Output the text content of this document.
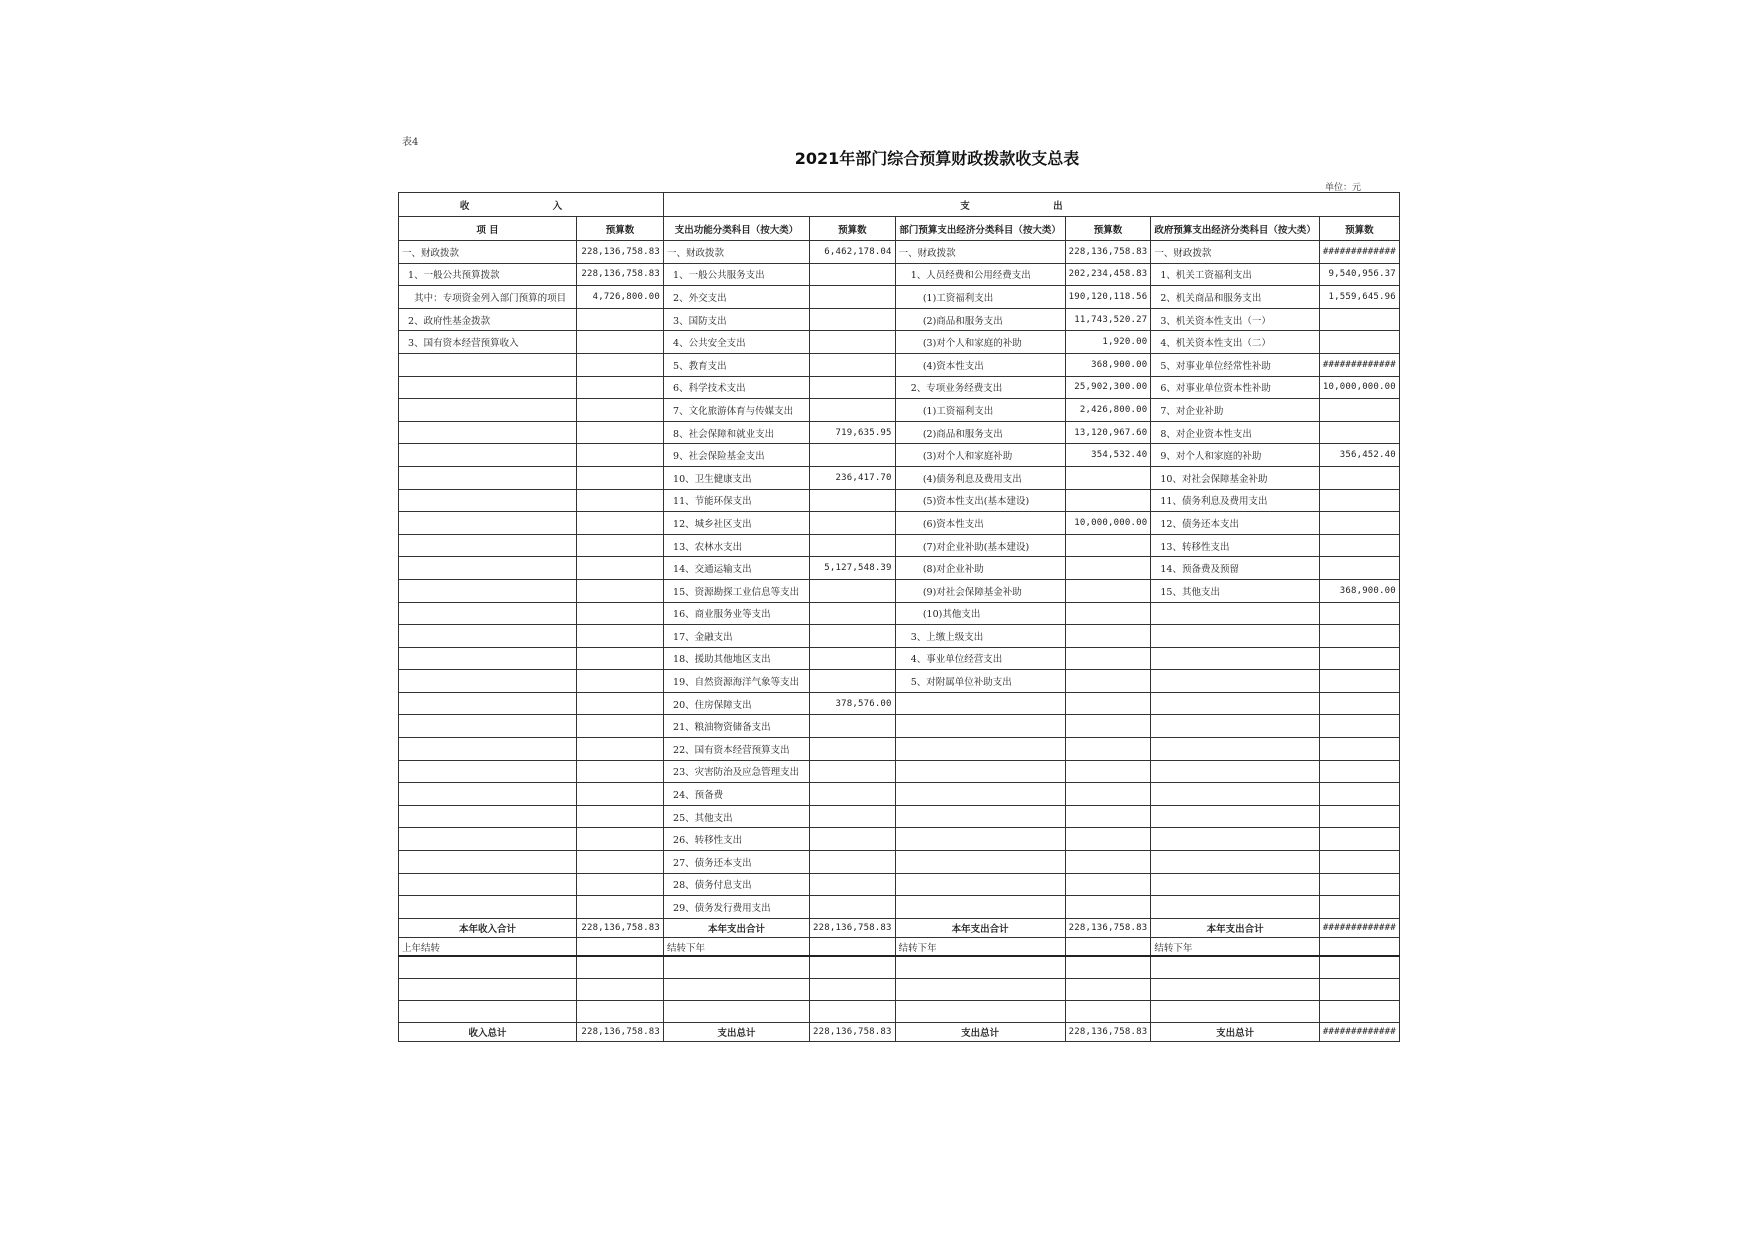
表4
2021年部门综合预算财政拨款收支总表
单位：元
收 入		支 出					
项 目	预算数	支出功能分类科目（按大类）	预算数	部门预算支出经济分类科目（按大类）	预算数	政府预算支出经济分类科目（按大类）	预算数
一、财政拨款	228,136,758.83	一、财政拨款	6,462,178.04	一、财政拨款	228,136,758.83	一、财政拨款	#############
1、一般公共预算拨款	228,136,758.83	1、一般公共服务支出		1、人员经费和公用经费支出	202,234,458.83	1、机关工资福利支出	9,540,956.37
其中：专项资金列入部门预算的项目	4,726,800.00	2、外交支出		(1)工资福利支出	190,120,118.56	2、机关商品和服务支出	1,559,645.96
2、政府性基金拨款		3、国防支出		(2)商品和服务支出	11,743,520.27	3、机关资本性支出（一）	
3、国有资本经营预算收入		4、公共安全支出		(3)对个人和家庭的补助	1,920.00	4、机关资本性支出（二）	
		5、教育支出		(4)资本性支出	368,900.00	5、对事业单位经常性补助	#############
		6、科学技术支出		2、专项业务经费支出	25,902,300.00	6、对事业单位资本性补助	10,000,000.00
		7、文化旅游体育与传媒支出		(1)工资福利支出	2,426,800.00	7、对企业补助	
		8、社会保障和就业支出	719,635.95	(2)商品和服务支出	13,120,967.60	8、对企业资本性支出	
		9、社会保险基金支出		(3)对个人和家庭补助	354,532.40	9、对个人和家庭的补助	356,452.40
		10、卫生健康支出	236,417.70	(4)债务利息及费用支出		10、对社会保障基金补助	
		11、节能环保支出		(5)资本性支出(基本建设)		11、债务利息及费用支出	
		12、城乡社区支出		(6)资本性支出	10,000,000.00	12、债务还本支出	
		13、农林水支出		(7)对企业补助(基本建设)		13、转移性支出	
		14、交通运输支出	5,127,548.39	(8)对企业补助		14、预备费及预留	
		15、资源勘探工业信息等支出		(9)对社会保障基金补助		15、其他支出	368,900.00
		16、商业服务业等支出		(10)其他支出			
		17、金融支出		3、上缴上级支出			
		18、援助其他地区支出		4、事业单位经营支出			
		19、自然资源海洋气象等支出		5、对附属单位补助支出			
		20、住房保障支出	378,576.00				
		21、粮油物资储备支出					
		22、国有资本经营预算支出					
		23、灾害防治及应急管理支出					
		24、预备费					
		25、其他支出					
		26、转移性支出					
		27、债务还本支出					
		28、债务付息支出					
		29、债务发行费用支出					
本年收入合计	228,136,758.83	本年支出合计	228,136,758.83	本年支出合计	228,136,758.83	本年支出合计	#############
上年结转		结转下年		结转下年		结转下年	

收入总计	228,136,758.83	支出总计	228,136,758.83	支出总计	228,136,758.83	支出总计	#############
